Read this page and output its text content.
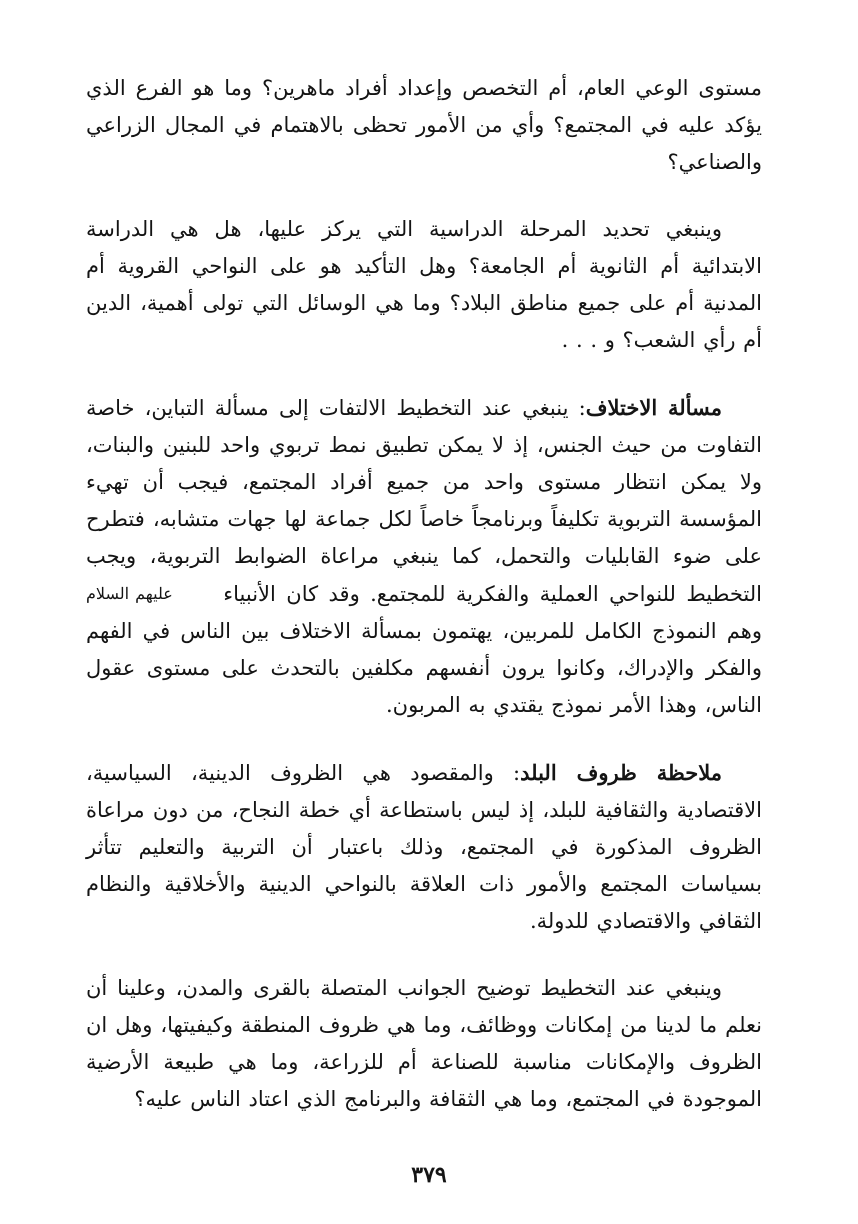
مستوى الوعي العام، أم التخصص وإعداد أفراد ماهرين؟ وما هو الفرع الذي يؤكد عليه في المجتمع؟ وأي من الأمور تحظى بالاهتمام في المجال الزراعي والصناعي؟

وينبغي تحديد المرحلة الدراسية التي يركز عليها، هل هي الدراسة الابتدائية أم الثانوية أم الجامعة؟ وهل التأكيد هو على النواحي القروية أم المدنية أم على جميع مناطق البلاد؟ وما هي الوسائل التي تولى أهمية، الدين أم رأي الشعب؟ و . . .

مسألة الاختلاف: ينبغي عند التخطيط الالتفات إلى مسألة التباين، خاصة التفاوت من حيث الجنس، إذ لا يمكن تطبيق نمط تربوي واحد للبنين والبنات، ولا يمكن انتظار مستوى واحد من جميع أفراد المجتمع، فيجب أن تهيء المؤسسة التربوية تكليفاً وبرنامجاً خاصاً لكل جماعة لها جهات متشابه، فتطرح على ضوء القابليات والتحمل، كما ينبغي مراعاة الضوابط التربوية، ويجب التخطيط للنواحي العملية والفكرية للمجتمع. وقد كان الأنبياء عليهم السلام وهم النموذج الكامل للمربين، يهتمون بمسألة الاختلاف بين الناس في الفهم والفكر والإدراك، وكانوا يرون أنفسهم مكلفين بالتحدث على مستوى عقول الناس، وهذا الأمر نموذج يقتدي به المربون.

ملاحظة ظروف البلد: والمقصود هي الظروف الدينية، السياسية، الاقتصادية والثقافية للبلد، إذ ليس باستطاعة أي خطة النجاح، من دون مراعاة الظروف المذكورة في المجتمع، وذلك باعتبار أن التربية والتعليم تتأثر بسياسات المجتمع والأمور ذات العلاقة بالنواحي الدينية والأخلاقية والنظام الثقافي والاقتصادي للدولة.

وينبغي عند التخطيط توضيح الجوانب المتصلة بالقرى والمدن، وعلينا أن نعلم ما لدينا من إمكانات ووظائف، وما هي ظروف المنطقة وكيفيتها، وهل ان الظروف والإمكانات مناسبة للصناعة أم للزراعة، وما هي طبيعة الأرضية الموجودة في المجتمع، وما هي الثقافة والبرنامج الذي اعتاد الناس عليه؟

٣٧٩
